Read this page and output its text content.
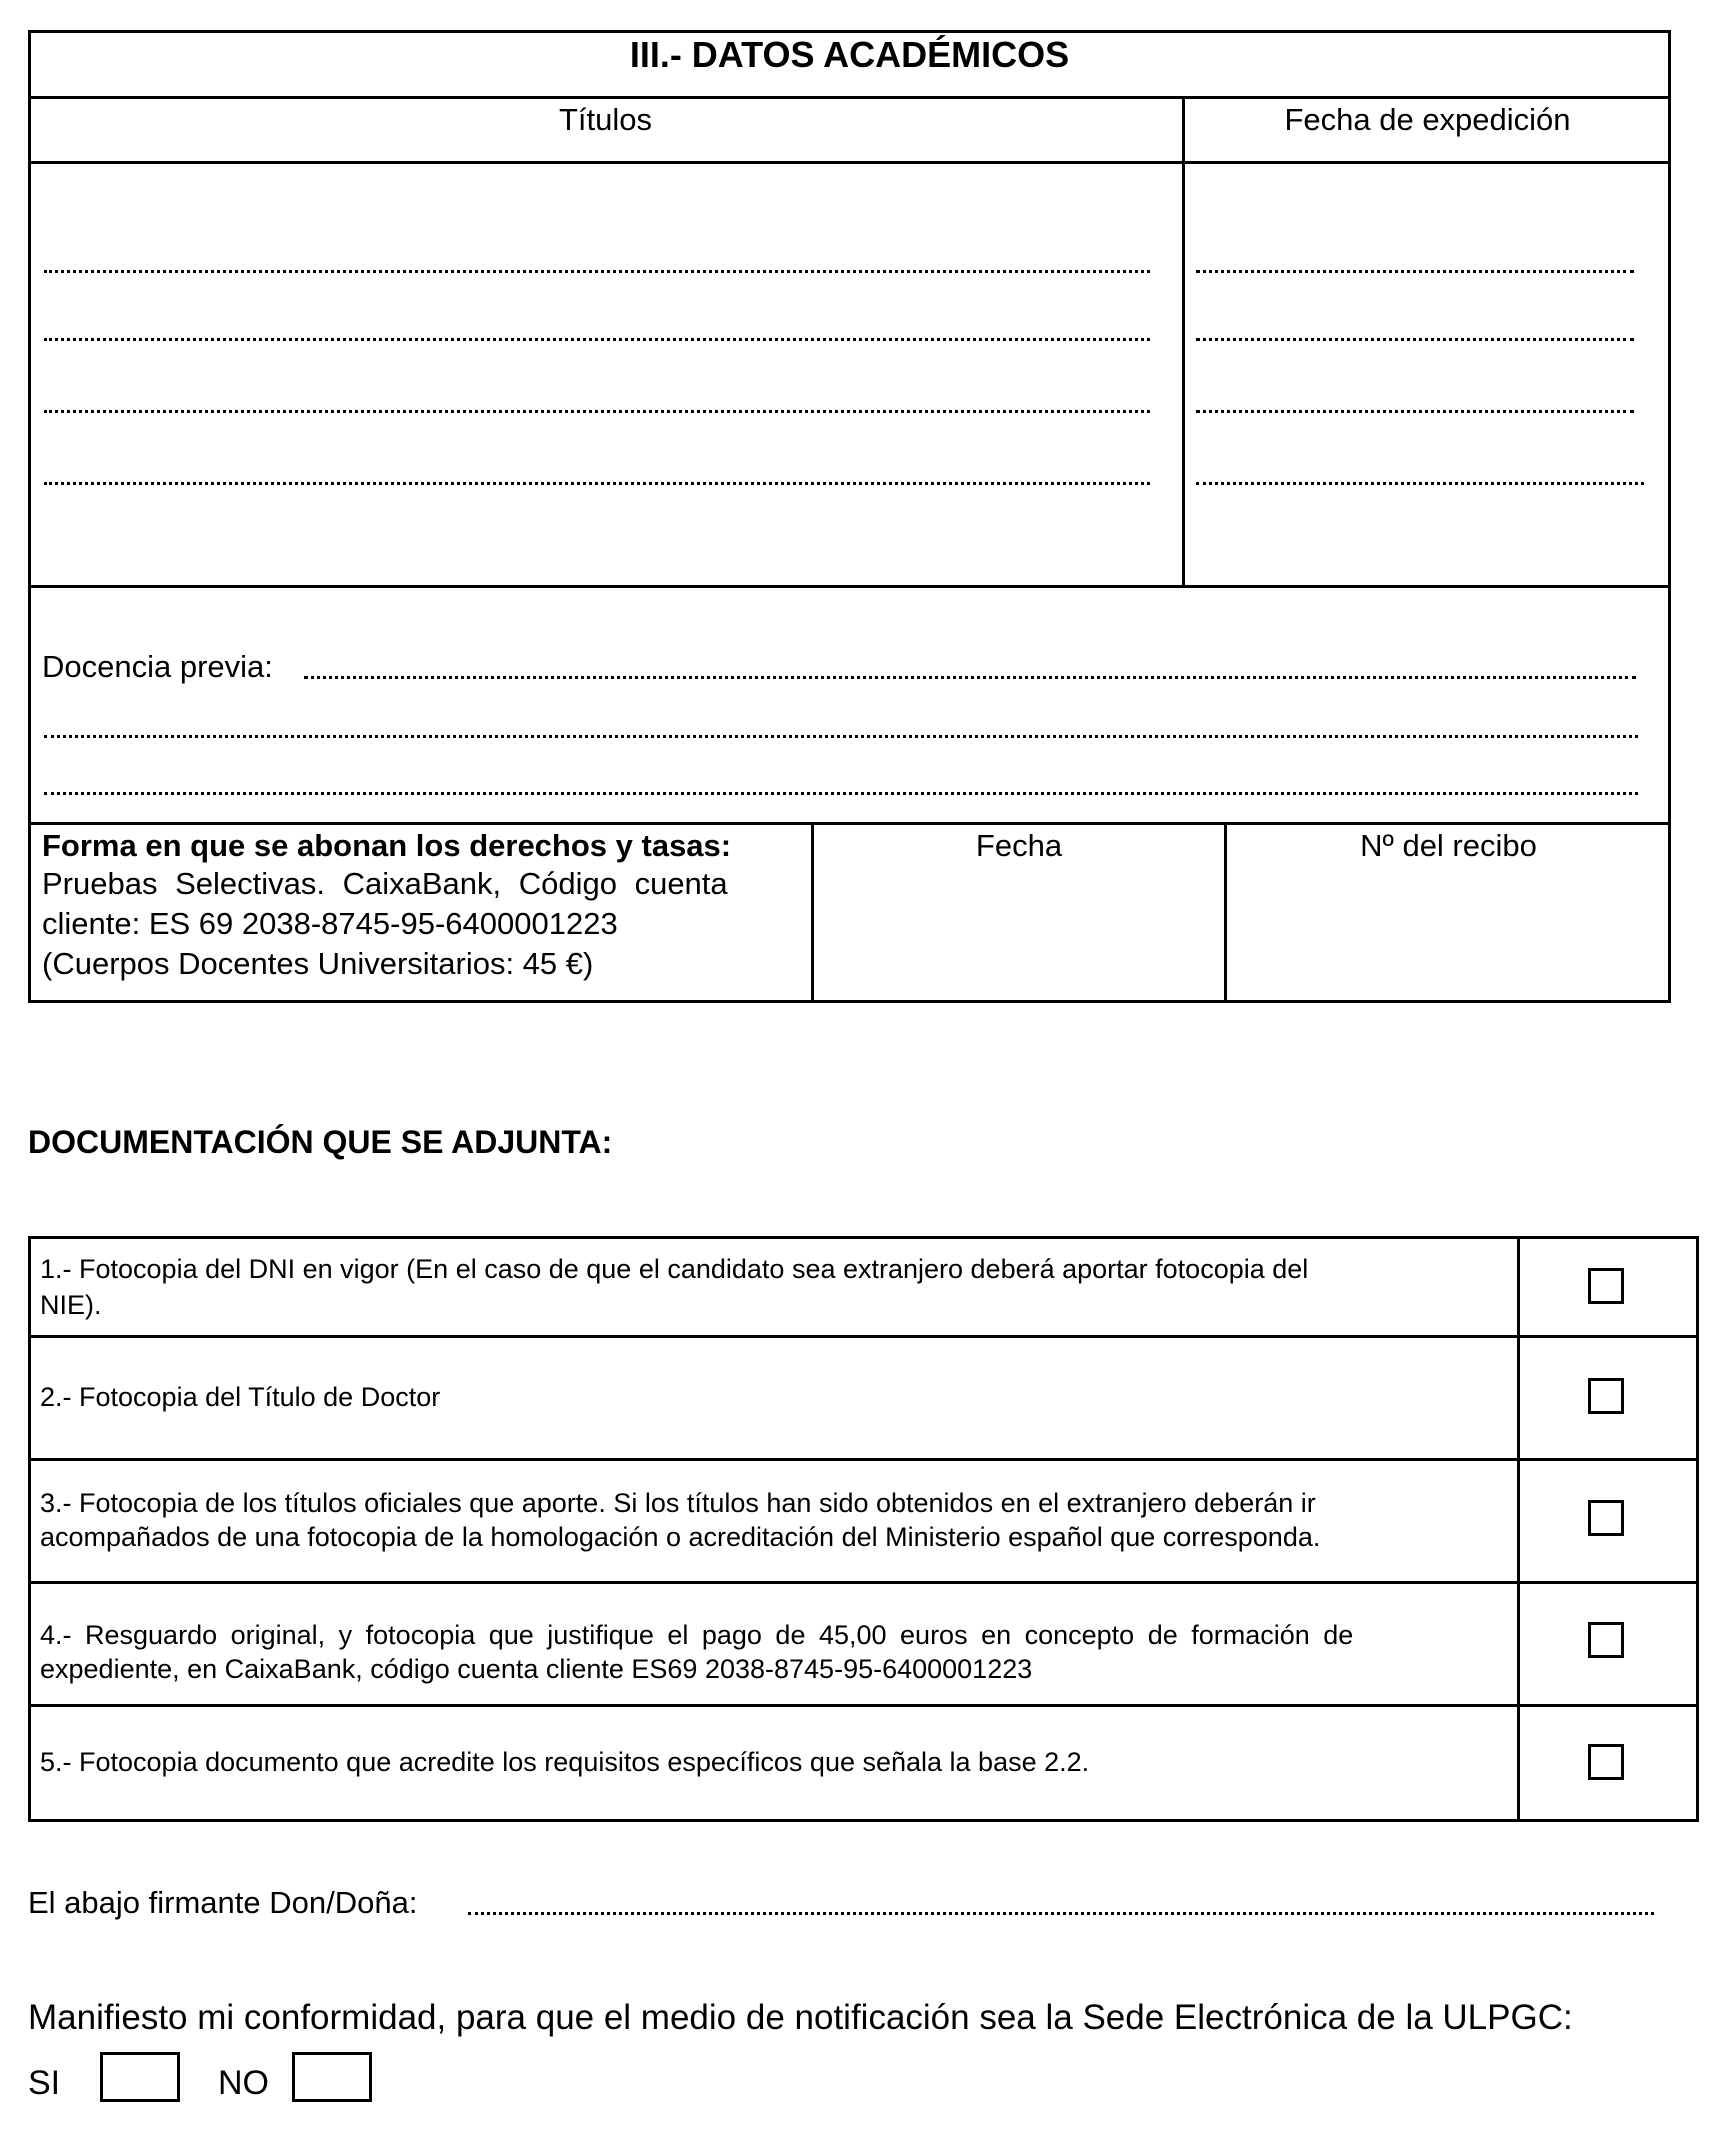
III.- DATOS ACADÉMICOS
Títulos	Fecha de expedición
Docencia previa:
Forma en que se abonan los derechos y tasas:
Pruebas Selectivas. CaixaBank, Código cuenta
cliente: ES 69 2038-8745-95-6400001223
(Cuerpos Docentes Universitarios: 45 €)
Fecha	Nº del recibo
DOCUMENTACIÓN QUE SE ADJUNTA:
1.- Fotocopia del DNI en vigor (En el caso de que el candidato sea extranjero deberá aportar fotocopia del
NIE).
2.- Fotocopia del Título de Doctor
3.- Fotocopia de los títulos oficiales que aporte. Si los títulos han sido obtenidos en el extranjero deberán ir
acompañados de una fotocopia de la homologación o acreditación del Ministerio español que corresponda.
4.- Resguardo original, y fotocopia que justifique el pago de 45,00 euros en concepto de formación de
expediente, en CaixaBank, código cuenta cliente ES69 2038-8745-95-6400001223
5.- Fotocopia documento que acredite los requisitos específicos que señala la base 2.2.
El abajo firmante Don/Doña:
Manifiesto mi conformidad, para que el medio de notificación sea la Sede Electrónica de la ULPGC:
SI	NO
